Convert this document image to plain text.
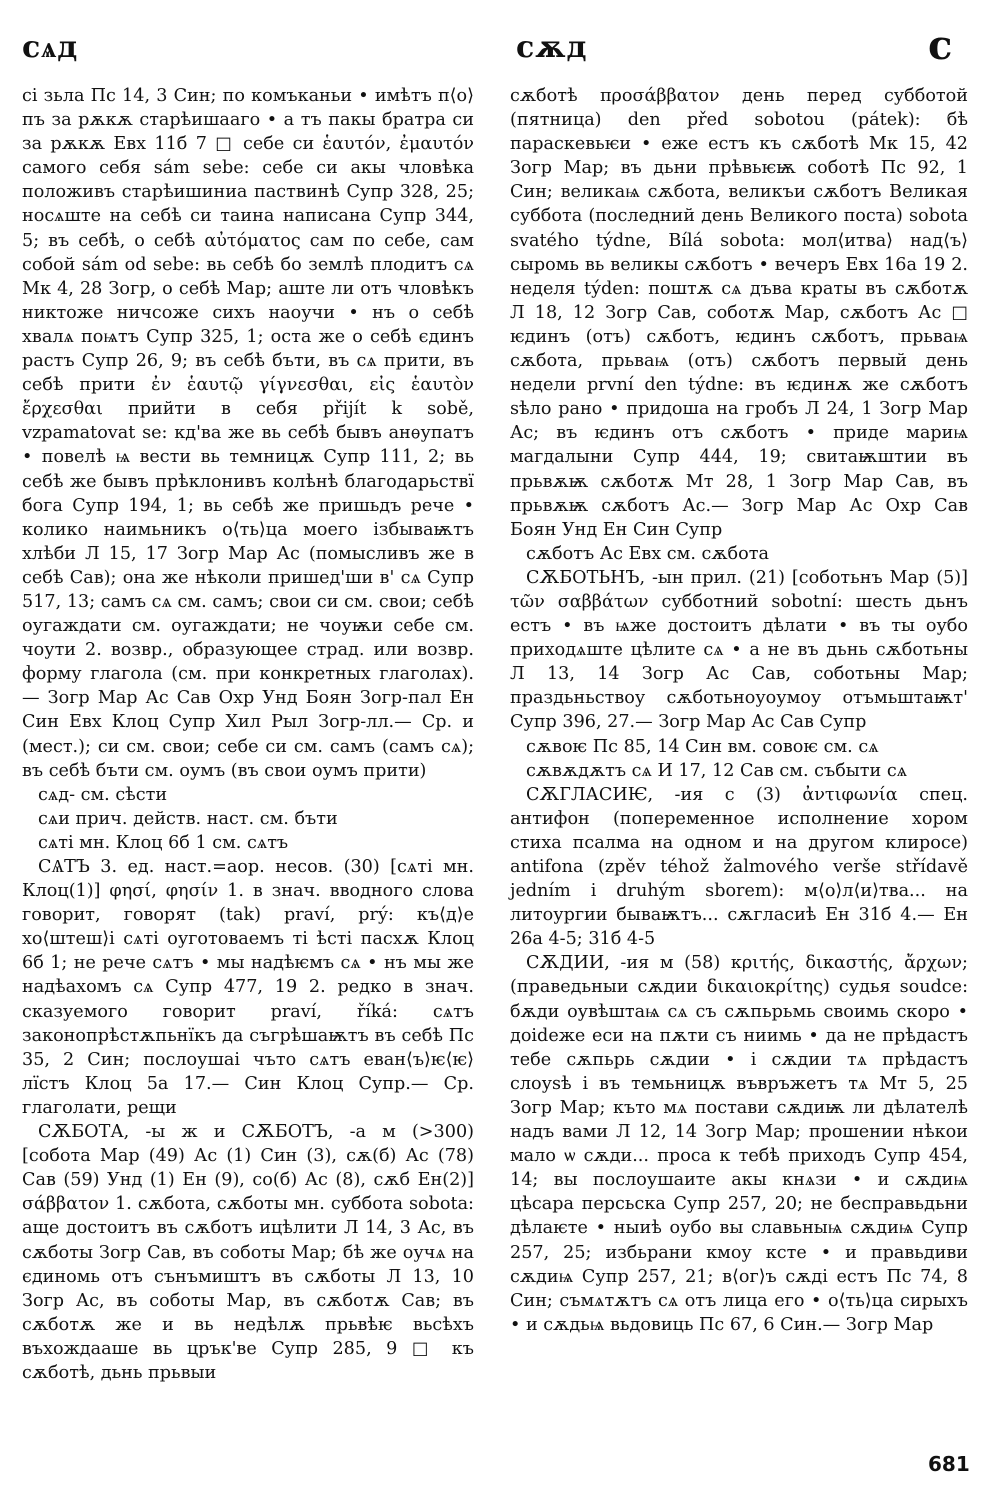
сѧд	сѫд	с

сі зьла Пс 14, 3 Син; по комъканьи • имѣтъ п⟨о⟩пъ за рѫкѫ старѣишааго • а тъ пакы братра си за рѫкѫ Евх 11б 7 □ себе си ἑαυτόν, ἐμαυτόν самого себя sám sebe: себе си акы чловѣка положивъ старѣишиниа паствинѣ Супр 328, 25; носѧште на себѣ си таина написана Супр 344, 5; въ себѣ, о себѣ αὐτόματος сам по себе, сам собой sám od sebe: вь себѣ бо землѣ плодитъ сѧ Мк 4, 28 Зогр, о себѣ Мар; аште ли отъ чловѣкъ никтоже ничсоже сихъ наоучи • нъ о себѣ хвалѧ поѩтъ Супр 325, 1; оста же о себѣ єдинъ растъ Супр 26, 9; въ себѣ бъти, въ сѧ прити, въ себѣ прити ἐν ἑαυτῷ γίγνεσθαι, εἰς ἑαυτὸν ἔρχεσθαι прийти в себя přijít k sobě, vzpamatovat se: кд'ва же вь себѣ бывъ анѳупатъ • повелѣ ѩ вести вь темницѫ Супр 111, 2; вь себѣ же бывъ прѣклонивъ колѣнѣ благодарьствї бога Супр 194, 1; вь себѣ же пришьдъ рече • колико наимьникъ о⟨ть⟩ца моего ізбываѭтъ хлѣби Л 15, 17 Зогр Мар Ас (помысливъ же в себѣ Сав); она же нѣколи пришед'ши в' сѧ Супр 517, 13; самъ сѧ см. самъ; свои си см. свои; себѣ оугаждати см. оугаждати; не чоуѭи себе см. чоути 2. возвр., образующее страд. или возвр. форму глагола (см. при конкретных глаголах).— Зогр Мар Ас Сав Охр Унд Боян Зогр-пал Ен Син Евх Клоц Супр Хил Рыл Зогр-лл.— Ср. и (мест.); си см. свои; себе си см. самъ (самъ сѧ); въ себѣ бъти см. оумъ (въ свои оумъ прити)

сѧд- см. сѣсти

сѧи прич. действ. наст. см. бъти

сѧті мн. Клоц 6б 1 см. сѧтъ

СѦТЪ 3. ед. наст.=аор. несов. (30) [сѧті мн. Клоц(1)] φησί, φησίν 1. в знач. вводного слова говорит, говорят (tak) praví, prý: къ⟨д⟩е хо⟨штеш⟩і сѧті оуготоваемъ ті ѣсті пасхѫ Клоц 6б 1; не рече сѧтъ • мы надѣѥмъ сѧ • нъ мы же надѣахомъ сѧ Супр 477, 19 2. редко в знач. сказуемого говорит praví, říká: сѧтъ законопрѣстѫпьнїкъ да съгрѣшаѭтъ въ себѣ Пс 35, 2 Син; послоушаі чъто сѧтъ еван⟨ъ⟩ѥ⟨ѥ⟩лїстъ Клоц 5а 17.— Син Клоц Супр.— Ср. глаголати, рещи

СѪБОТА, -ы ж и СѪБОТЪ, -а м (>300) [собота Мар (49) Ас (1) Син (3), сѫ(б) Ас (78) Сав (59) Унд (1) Ен (9), со(б) Ас (8), сѫб Ен(2)] σάββατον 1. сѫбота, сѫботы мн. суббота sobota: аще достоитъ въ сѫботъ ицѣлити Л 14, 3 Ас, въ сѫботы Зогр Сав, въ соботы Мар; бѣ же оучѧ на єдиномь отъ сънъмиштъ въ сѫботы Л 13, 10 Зогр Ас, въ соботы Мар, въ сѫботѫ Сав; въ сѫботѫ же и вь недѣлѫ прьвѣѥ вьсѣхъ въхождааше вь црък'ве Супр 285, 9 □ къ сѫботѣ, дьнь прьвыи

сѫботѣ προσάββατον день перед субботой (пятница) den před sobotou (pátek): бѣ параскевьѥи • еже естъ къ сѫботѣ Мк 15, 42 Зогр Мар; въ дьни прѣвьѥѭ соботѣ Пс 92, 1 Син; великаѩ сѫбота, великъи сѫботъ Великая суббота (последний день Великого поста) sobota svatého týdne, Bílá sobota: мол⟨итва⟩ над⟨ъ⟩ сыромь вь великы сѫботъ • вечеръ Евх 16а 19 2. неделя týden: поштѫ сѧ дъва краты въ сѫботѫ Л 18, 12 Зогр Сав, соботѫ Мар, сѫботъ Ас □ ѥдинъ (отъ) сѫботъ, ѥдинъ сѫботъ, прьваѩ сѫбота, прьваѩ (отъ) сѫботъ первый день недели první den týdne: въ ѥдинѫ же сѫботъ ѕѣло рано • придоша на гробъ Л 24, 1 Зогр Мар Ас; въ ѥдинъ отъ сѫботъ • приде мариѩ магдалыни Супр 444, 19; свитаѭштии въ прьвѫѭ сѫботѫ Мт 28, 1 Зогр Мар Сав, въ прьвѫѭ сѫботъ Ас.— Зогр Мар Ас Охр Сав Боян Унд Ен Син Супр

сѫботъ Ас Евх см. сѫбота

СѪБОТЬНЪ, -ын прил. (21) [соботьнъ Мар (5)] τῶν σαββάτων субботний sobotní: шесть дьнъ естъ • въ ѩже достоитъ дѣлати • въ ты оубо приходѧште цѣлите сѧ • а не въ дьнь сѫботьны Л 13, 14 Зогр Ас Сав, соботьны Мар; праздьньствоу сѫботьноуоумоу отъмьштаѭт' Супр 396, 27.— Зогр Мар Ас Сав Супр

сѫвоѥ Пс 85, 14 Син вм. совоѥ см. сѧ

сѫвѫдѫтъ сѧ И 17, 12 Сав см. събыти сѧ

СѪГЛАСИѤ, -ия с (3) ἀντιφωνία спец. антифон (попеременное исполнение хором стиха псалма на одном и на другом клиросе) antifona (zpěv téhož žalmového verše střídavě jedním i druhým sborem): м⟨о⟩л⟨и⟩тва... на литоургии бываѭтъ... сѫгласиѣ Ен 31б 4.— Ен 26а 4-5; 31б 4-5

СѪДИИ, -ия м (58) κριτής, δικαστής, ἄρχων; (праведьныи сѫдии δικαιοκρίτης) судья soudce: бѫди оувѣштаѩ сѧ съ сѫпьрьмь своимь скоро • доideже еси на пѫти съ ниимь • да не прѣдастъ тебе сѫпьрь сѫдии • і сѫдии тѧ прѣдастъ слоуѕѣ і въ темьницѫ въвръжетъ тѧ Мт 5, 25 Зогр Мар; къто мѧ постави сѫдиѭ ли дѣлателѣ надъ вами Л 12, 14 Зогр Мар; прошении нѣкои мало ѡ сѫди... проса к тебѣ приходъ Супр 454, 14; вы послоушаите акы кнѧзи • и сѫдиѩ цѣсара персьска Супр 257, 20; не бесправьдьни дѣлаѥте • ныиѣ оубо вы славьныѩ сѫдиѩ Супр 257, 25; избьрани кмоу ксте • и правьдиви сѫдиѩ Супр 257, 21; в⟨ог⟩ъ сѫді естъ Пс 74, 8 Син; съмѧтѫтъ сѧ отъ лица его • о⟨ть⟩ца сирыхъ • и сѫдьѩ вьдовиць Пс 67, 6 Син.— Зогр Мар

681
